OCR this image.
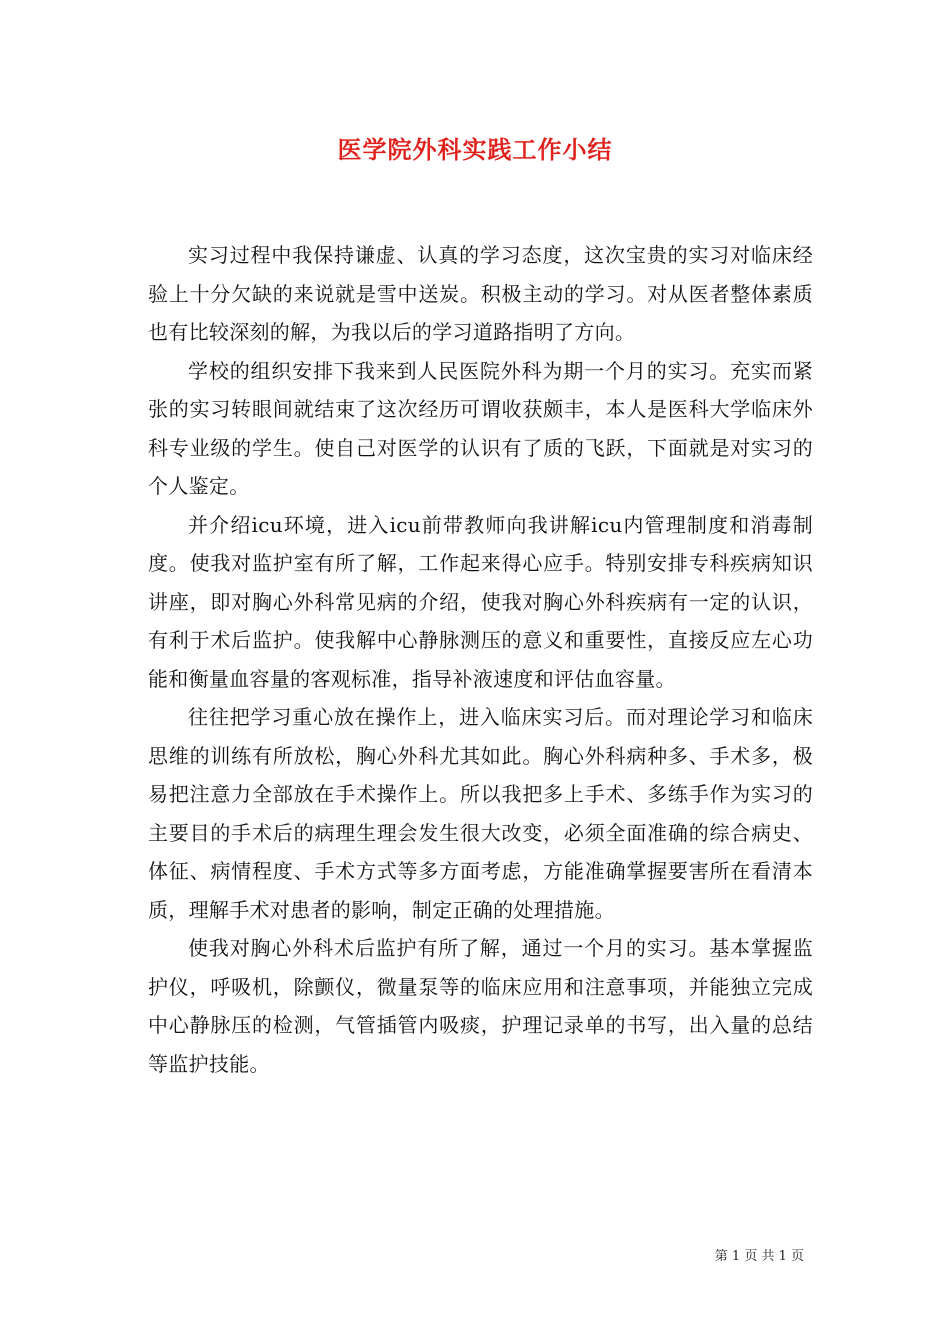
医学院外科实践工作小结

实习过程中我保持谦虚、认真的学习态度，这次宝贵的实习对临床经验上十分欠缺的来说就是雪中送炭。积极主动的学习。对从医者整体素质也有比较深刻的解，为我以后的学习道路指明了方向。

学校的组织安排下我来到人民医院外科为期一个月的实习。充实而紧张的实习转眼间就结束了这次经历可谓收获颇丰，本人是医科大学临床外科专业级的学生。使自己对医学的认识有了质的飞跃，下面就是对实习的个人鉴定。

并介绍icu环境，进入icu前带教师向我讲解icu内管理制度和消毒制度。使我对监护室有所了解，工作起来得心应手。特别安排专科疾病知识讲座，即对胸心外科常见病的介绍，使我对胸心外科疾病有一定的认识，有利于术后监护。使我解中心静脉测压的意义和重要性，直接反应左心功能和衡量血容量的客观标准，指导补液速度和评估血容量。

往往把学习重心放在操作上，进入临床实习后。而对理论学习和临床思维的训练有所放松，胸心外科尤其如此。胸心外科病种多、手术多，极易把注意力全部放在手术操作上。所以我把多上手术、多练手作为实习的主要目的手术后的病理生理会发生很大改变，必须全面准确的综合病史、体征、病情程度、手术方式等多方面考虑，方能准确掌握要害所在看清本质，理解手术对患者的影响，制定正确的处理措施。

使我对胸心外科术后监护有所了解，通过一个月的实习。基本掌握监护仪，呼吸机，除颤仪，微量泵等的临床应用和注意事项，并能独立完成中心静脉压的检测，气管插管内吸痰，护理记录单的书写，出入量的总结等监护技能。

第 1 页 共 1 页
